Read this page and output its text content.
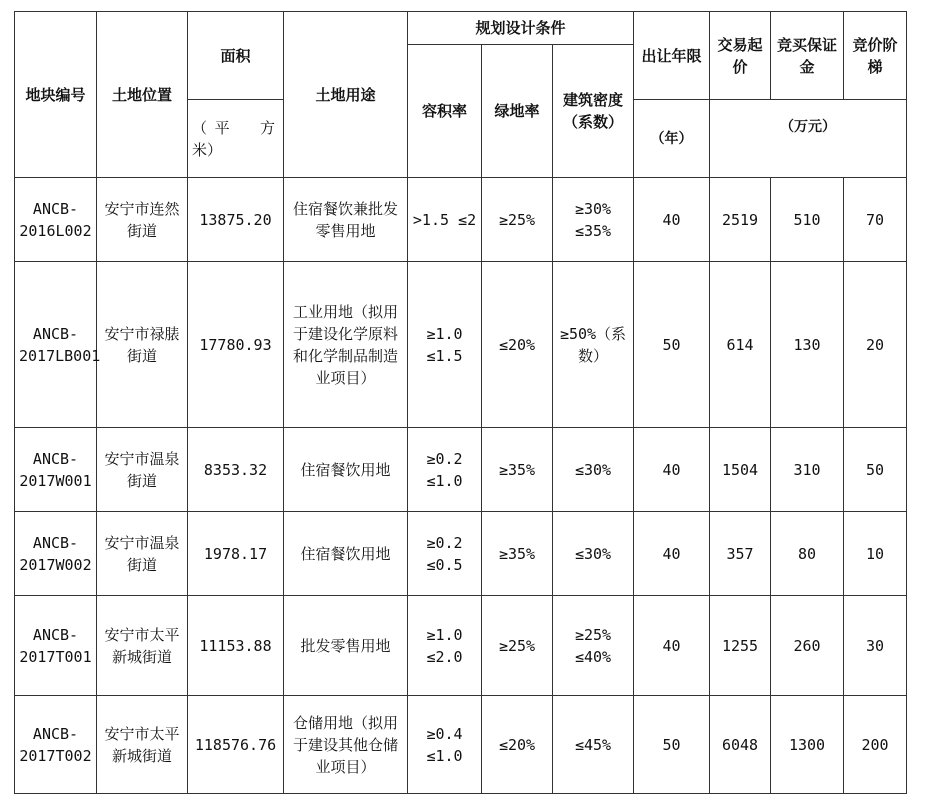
地块编号	土地位置	面积	土地用途	规划设计条件			出让年限	交易起价	竞买保证金	竞价阶梯
				容积率	绿地率	建筑密度（系数）				

		（平　方
米）					（年）	（万元）		
ANCB-2016L002	安宁市连然街道	13875.20	住宿餐饮兼批发零售用地	>1.5 ≤2	≥25%	≥30% ≤35%	40	2519	510	70
ANCB-2017LB001	安宁市禄脿街道	17780.93	工业用地（拟用于建设化学原料和化学制品制造业项目）	≥1.0 ≤1.5	≤20%	≥50%（系数）	50	614	130	20
ANCB-2017W001	安宁市温泉街道	8353.32	住宿餐饮用地	≥0.2 ≤1.0	≥35%	≤30%	40	1504	310	50
ANCB-2017W002	安宁市温泉街道	1978.17	住宿餐饮用地	≥0.2 ≤0.5	≥35%	≤30%	40	357	80	10
ANCB-2017T001	安宁市太平新城街道	11153.88	批发零售用地	≥1.0 ≤2.0	≥25%	≥25% ≤40%	40	1255	260	30
ANCB-2017T002	安宁市太平新城街道	118576.76	仓储用地（拟用于建设其他仓储业项目）	≥0.4 ≤1.0	≤20%	≤45%	50	6048	1300	200
